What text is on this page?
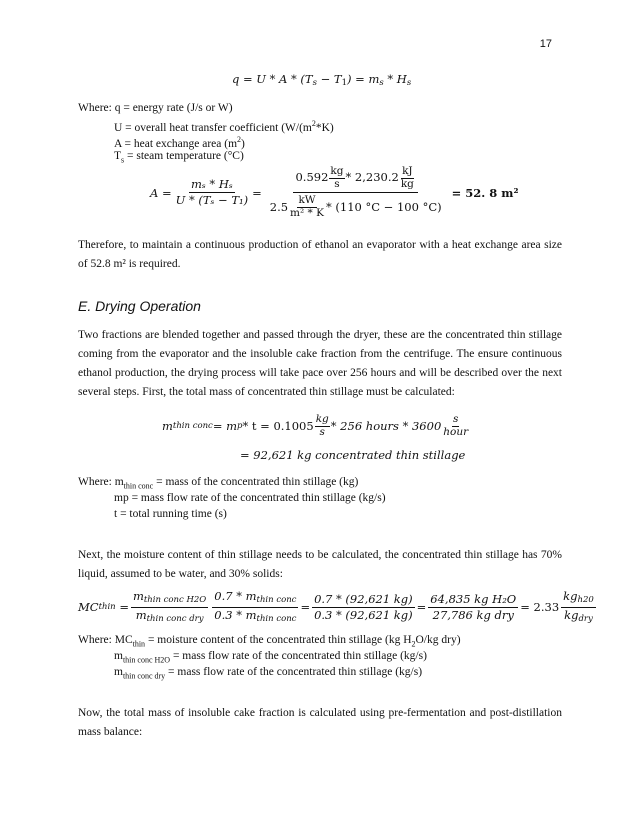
17
q = U * A * (Ts − T1) = ms * Hs
Where: q = energy rate (J/s or W)
U = overall heat transfer coefficient ($W/(m^2*K)$
A = heat exchange area $(m^2)$
$T_s$ = steam temperature (°C)
$A = \frac{\text{mₛ * Hₛ}}{\text{U * (Tₛ − T₁)}} = \frac{0.592 \frac{kg}{s} * 2,230.2 \frac{kJ}{kg}}{2.5 \frac{kW}{\text{m² * K}} * (110 ^\circ C - 100 ^\circ C)} = 52$. 8 m²
Therefore, to maintain a continuous production of ethanol an evaporator with a heat exchange area size of 52.8 m² is required.
E. Drying Operation
Two fractions are blended together and passed through the dryer, these are the concentrated thin stillage coming from the evaporator and the insoluble cake fraction from the centrifuge. The ensure continuous ethanol production, the drying process will take pace over 256 hours and will be described over the next several steps. First, the total mass of concentrated thin stillage must be calculated:
m thin conc = m $p * t = 0.1005 \frac{kg}{s} * 256$ hours * $3600 \frac{s}{\text{hour}}$
= 92,621 kg concentrated thin stillage
Where: $m_{thin conc}$ = mass of the concentrated thin stillage (kg)
mp = mass flow rate of the concentrated thin stillage (kg/s)
t = total running time (s)
Next, the moisture content of thin stillage needs to be calculated, the concentrated thin stillage has 70% liquid, assumed to be water, and 30% solids:
MC thin = $\frac{\text{mthin conc H2O}}{\text{mthin conc dry}} \frac{\text{0.7 * mthin conc}}{\text{0.3 * mthin conc}} = \frac{0.7 * (92,621 kg)}{0.3 * (92,621 kg)} = \frac{\text{64,835 kg H₂O}}{\text{27,786 kg dry}} = 2.33 \frac{\text{kgh20}}{\text{kgdry}}$
Where: $MC_{thin}$ = moisture content of the concentrated thin stillage (kg $H_2O/kg$ dry)
$m_{thin conc H2O}$ = mass flow rate of the concentrated thin stillage (kg/s)
$m_{thin conc dry}$ = mass flow rate of the concentrated thin stillage (kg/s)
Now, the total mass of insoluble cake fraction is calculated using pre-fermentation and post-distillation mass balance:
